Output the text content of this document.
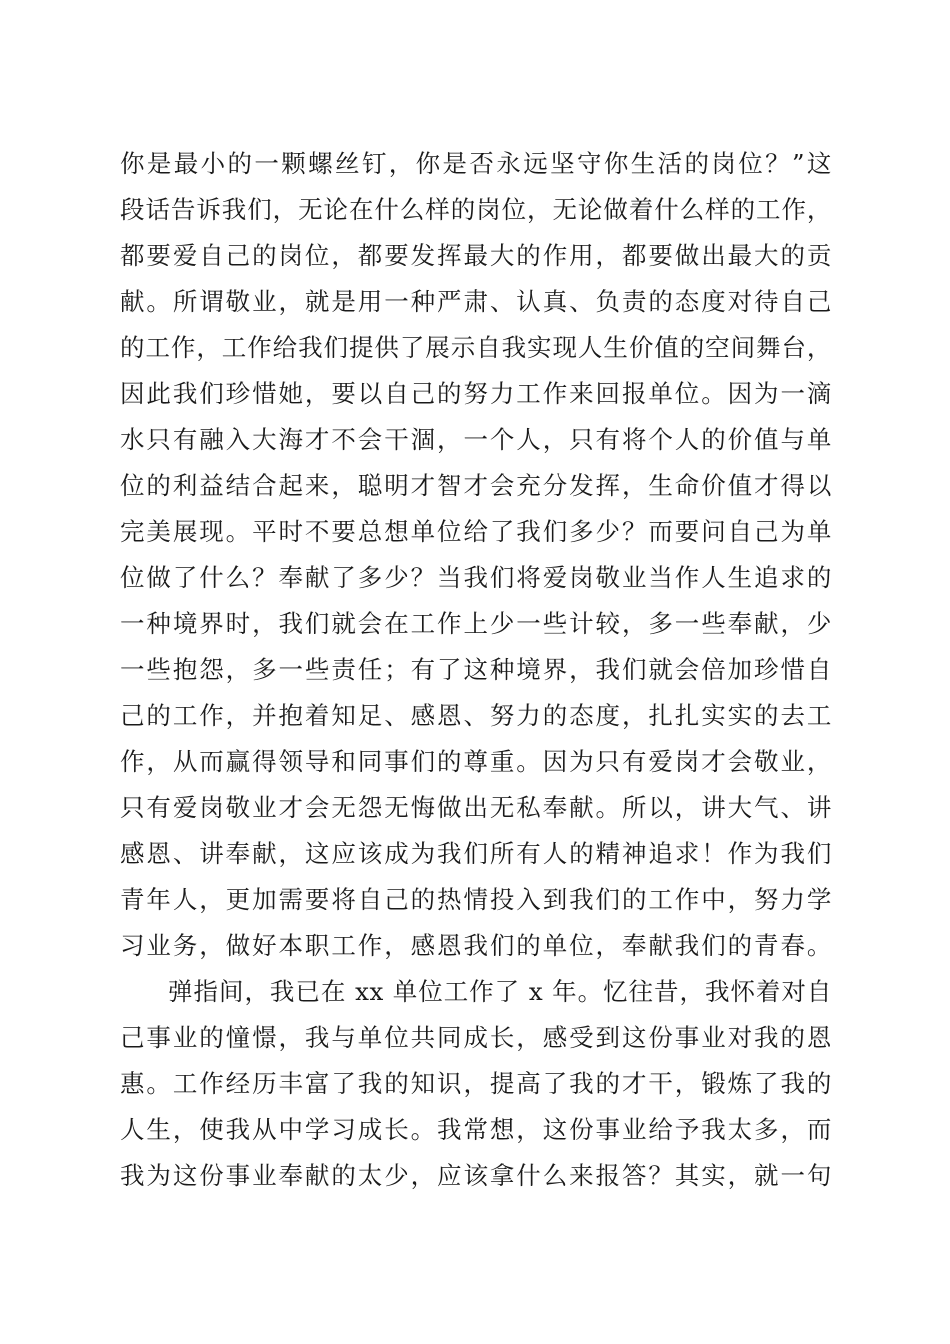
你是最小的一颗螺丝钉，你是否永远坚守你生活的岗位？”这
段话告诉我们，无论在什么样的岗位，无论做着什么样的工作，
都要爱自己的岗位，都要发挥最大的作用，都要做出最大的贡
献。所谓敬业，就是用一种严肃、认真、负责的态度对待自己
的工作，工作给我们提供了展示自我实现人生价值的空间舞台，
因此我们珍惜她，要以自己的努力工作来回报单位。因为一滴
水只有融入大海才不会干涸，一个人，只有将个人的价值与单
位的利益结合起来，聪明才智才会充分发挥，生命价值才得以
完美展现。平时不要总想单位给了我们多少？而要问自己为单
位做了什么？奉献了多少？当我们将爱岗敬业当作人生追求的
一种境界时，我们就会在工作上少一些计较，多一些奉献，少
一些抱怨，多一些责任；有了这种境界，我们就会倍加珍惜自
己的工作，并抱着知足、感恩、努力的态度，扎扎实实的去工
作，从而赢得领导和同事们的尊重。因为只有爱岗才会敬业，
只有爱岗敬业才会无怨无悔做出无私奉献。所以，讲大气、讲
感恩、讲奉献，这应该成为我们所有人的精神追求！作为我们
青年人，更加需要将自己的热情投入到我们的工作中，努力学
习业务，做好本职工作，感恩我们的单位，奉献我们的青春。
弹指间，我已在 xx 单位工作了 x 年。忆往昔，我怀着对自
己事业的憧憬，我与单位共同成长，感受到这份事业对我的恩
惠。工作经历丰富了我的知识，提高了我的才干，锻炼了我的
人生，使我从中学习成长。我常想，这份事业给予我太多，而
我为这份事业奉献的太少，应该拿什么来报答？其实，就一句
